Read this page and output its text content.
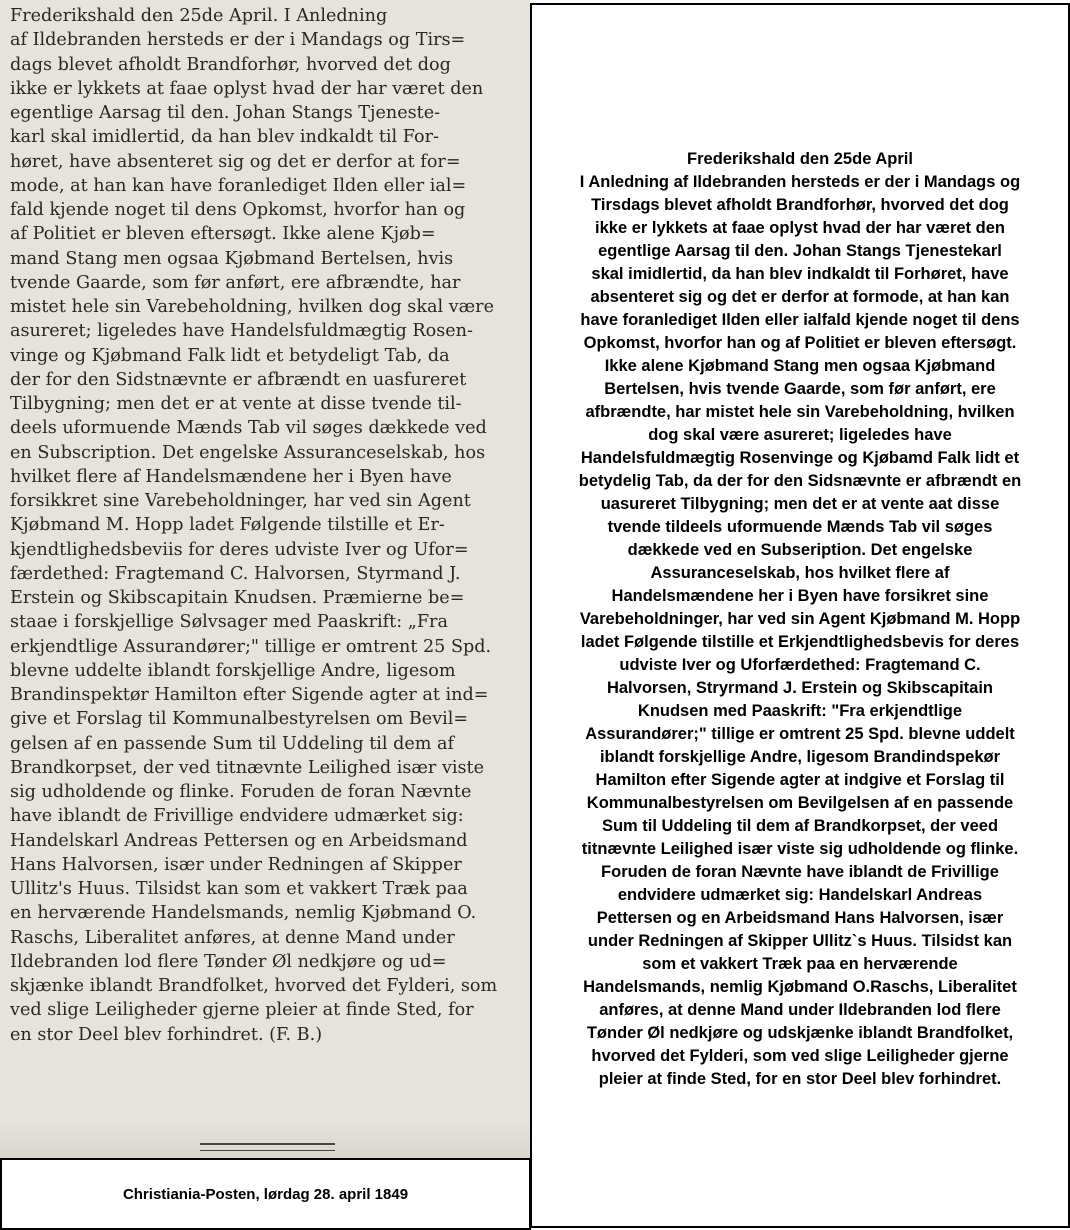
Frederikshald den 25de April. I Anledning
af Ildebranden hersteds er der i Mandags og Tirs=
dags blevet afholdt Brandforhør, hvorved det dog
ikke er lykkets at faae oplyst hvad der har været den
egentlige Aarsag til den. Johan Stangs Tjeneste-
karl skal imidlertid, da han blev indkaldt til For-
høret, have absenteret sig og det er derfor at for=
mode, at han kan have foranlediget Ilden eller ial=
fald kjende noget til dens Opkomst, hvorfor han og
af Politiet er bleven eftersøgt. Ikke alene Kjøb=
mand Stang men ogsaa Kjøbmand Bertelsen, hvis
tvende Gaarde, som før anført, ere afbrændte, har
mistet hele sin Varebeholdning, hvilken dog skal være
asureret; ligeledes have Handelsfuldmægtig Rosen-
vinge og Kjøbmand Falk lidt et betydeligt Tab, da
der for den Sidstnævnte er afbrændt en uasfureret
Tilbygning; men det er at vente at disse tvende til-
deels uformuende Mænds Tab vil søges dækkede ved
en Subscription. Det engelske Assuranceselskab, hos
hvilket flere af Handelsmændene her i Byen have
forsikkret sine Varebeholdninger, har ved sin Agent
Kjøbmand M. Hopp ladet Følgende tilstille et Er-
kjendtlighedsbeviis for deres udviste Iver og Ufor=
færdethed: Fragtemand C. Halvorsen, Styrmand J.
Erstein og Skibscapitain Knudsen. Præmierne be=
staae i forskjellige Sølvsager med Paaskrift: „Fra
erkjendtlige Assurandører;" tillige er omtrent 25 Spd.
blevne uddelte iblandt forskjellige Andre, ligesom
Brandinspektør Hamilton efter Sigende agter at ind=
give et Forslag til Kommunalbestyrelsen om Bevil=
gelsen af en passende Sum til Uddeling til dem af
Brandkorpset, der ved titnævnte Leilighed især viste
sig udholdende og flinke. Foruden de foran Nævnte
have iblandt de Frivillige endvidere udmærket sig:
Handelskarl Andreas Pettersen og en Arbeidsmand
Hans Halvorsen, især under Redningen af Skipper
Ullitz's Huus. Tilsidst kan som et vakkert Træk paa
en herværende Handelsmands, nemlig Kjøbmand O.
Raschs, Liberalitet anføres, at denne Mand under
Ildebranden lod flere Tønder Øl nedkjøre og ud=
skjænke iblandt Brandfolket, hvorved det Fylderi, som
ved slige Leiligheder gjerne pleier at finde Sted, for
en stor Deel blev forhindret. (F. B.)

Christiania-Posten, lørdag 28. april 1849
Frederikshald den 25de April

I Anledning af Ildebranden hersteds er der i Mandags og
Tirsdags blevet afholdt Brandforhør, hvorved det dog
ikke er lykkets at faae oplyst hvad der har været den
egentlige Aarsag til den. Johan Stangs Tjenestekarl
skal imidlertid, da han blev indkaldt til Forhøret, have
absenteret sig og det er derfor at formode, at han kan
have foranlediget Ilden eller ialfald kjende noget til dens
Opkomst, hvorfor han og af Politiet er bleven eftersøgt.
Ikke alene Kjøbmand Stang men ogsaa Kjøbmand
Bertelsen, hvis tvende Gaarde, som før anført, ere
afbrændte, har mistet hele sin Varebeholdning, hvilken
dog skal være asureret; ligeledes have
Handelsfuldmægtig Rosenvinge og Kjøbamd Falk lidt et
betydelig Tab, da der for den Sidsnævnte er afbrændt en
uasureret Tilbygning; men det er at vente aat disse
tvende tildeels uformuende Mænds Tab vil søges
dækkede ved en Subseription. Det engelske
Assuranceselskab, hos hvilket flere af
Handelsmændene her i Byen have forsikret sine
Varebeholdninger, har ved sin Agent Kjøbmand M. Hopp
ladet Følgende tilstille et Erkjendtlighedsbevis for deres
udviste Iver og Uforfærdethed: Fragtemand C.
Halvorsen, Stryrmand J. Erstein og Skibscapitain
Knudsen med Paaskrift: "Fra erkjendtlige
Assurandører;" tillige er omtrent 25 Spd. blevne uddelt
iblandt forskjellige Andre, ligesom Brandindspekør
Hamilton efter Sigende agter at indgive et Forslag til
Kommunalbestyrelsen om Bevilgelsen af en passende
Sum til Uddeling til dem af Brandkorpset, der veed
titnævnte Leilighed især viste sig udholdende og flinke.
Foruden de foran Nævnte have iblandt de Frivillige
endvidere udmærket sig: Handelskarl Andreas
Pettersen og en Arbeidsmand Hans Halvorsen, især
under Redningen af Skipper Ullitz`s Huus. Tilsidst kan
som et vakkert Træk paa en herværende
Handelsmands, nemlig Kjøbmand O.Raschs, Liberalitet
anføres, at denne Mand under Ildebranden lod flere
Tønder Øl nedkjøre og udskjænke iblandt Brandfolket,
hvorved det Fylderi, som ved slige Leiligheder gjerne
pleier at finde Sted, for en stor Deel blev forhindret.
